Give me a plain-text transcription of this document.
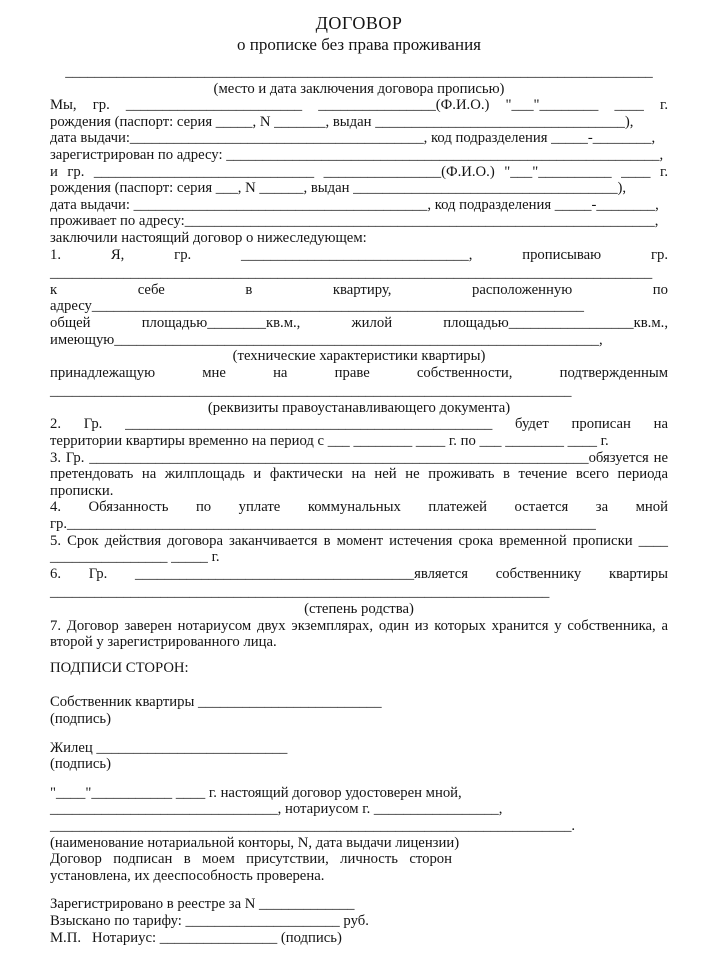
ДОГОВОР
о прописке без права проживания
________________________________________________________________________________
(место и дата заключения договора прописью)
Мы, гр. ________________________ ________________(Ф.И.О.) "___"________ ____ г.
рождения (паспорт: серия _____, N _______, выдан __________________________________),
дата выдачи:________________________________________, код подразделения _____-________,
зарегистрирован по адресу: ___________________________________________________________,
и гр. ______________________________ ________________(Ф.И.О.) "___"__________ ____ г.
рождения (паспорт: серия ___, N ______, выдан ____________________________________),
дата выдачи: ________________________________________, код подразделения _____-________,
проживает по адресу:________________________________________________________________,
заключили настоящий договор о нижеследующем:
1. Я, гр. _______________________________, прописываю гр.
__________________________________________________________________________________
к себе в квартиру, расположенную по
адресу___________________________________________________________________
общей площадью________кв.м., жилой площадью_________________кв.м.,
имеющую__________________________________________________________________,
(технические характеристики квартиры)
принадлежащую мне на праве собственности, подтвержденным
_______________________________________________________________________
(реквизиты правоустанавливающего документа)
2. Гр. __________________________________________________ будет прописан на
территории квартиры временно на период с ___ ________ ____ г. по ___ ________ ____ г.
3. Гр. ____________________________________________________________________обязуется не
претендовать на жилплощадь и фактически на ней не проживать в течение всего периода
прописки.
4. Обязанность по уплате коммунальных платежей остается за мной
гр.________________________________________________________________________
5. Срок действия договора заканчивается в момент истечения срока временной прописки ____
________________ _____ г.
6. Гр. ______________________________________является собственнику квартиры
____________________________________________________________________
(степень родства)
7. Договор заверен нотариусом двух экземплярах, один из которых хранится у собственника, а
второй у зарегистрированного лица.
ПОДПИСИ СТОРОН:
Собственник квартиры _________________________
(подпись)
Жилец __________________________
(подпись)
"____"___________ ____ г. настоящий договор удостоверен мной,
_______________________________, нотариусом г. _________________,
_______________________________________________________________________.
(наименование нотариальной конторы, N, дата выдачи лицензии)
Договор подписан в моем присутствии, личность сторон
установлена, их дееспособность проверена.
Зарегистрировано в реестре за N _____________
Взыскано по тарифу: _____________________ руб.
М.П.   Нотариус: ________________ (подпись)
